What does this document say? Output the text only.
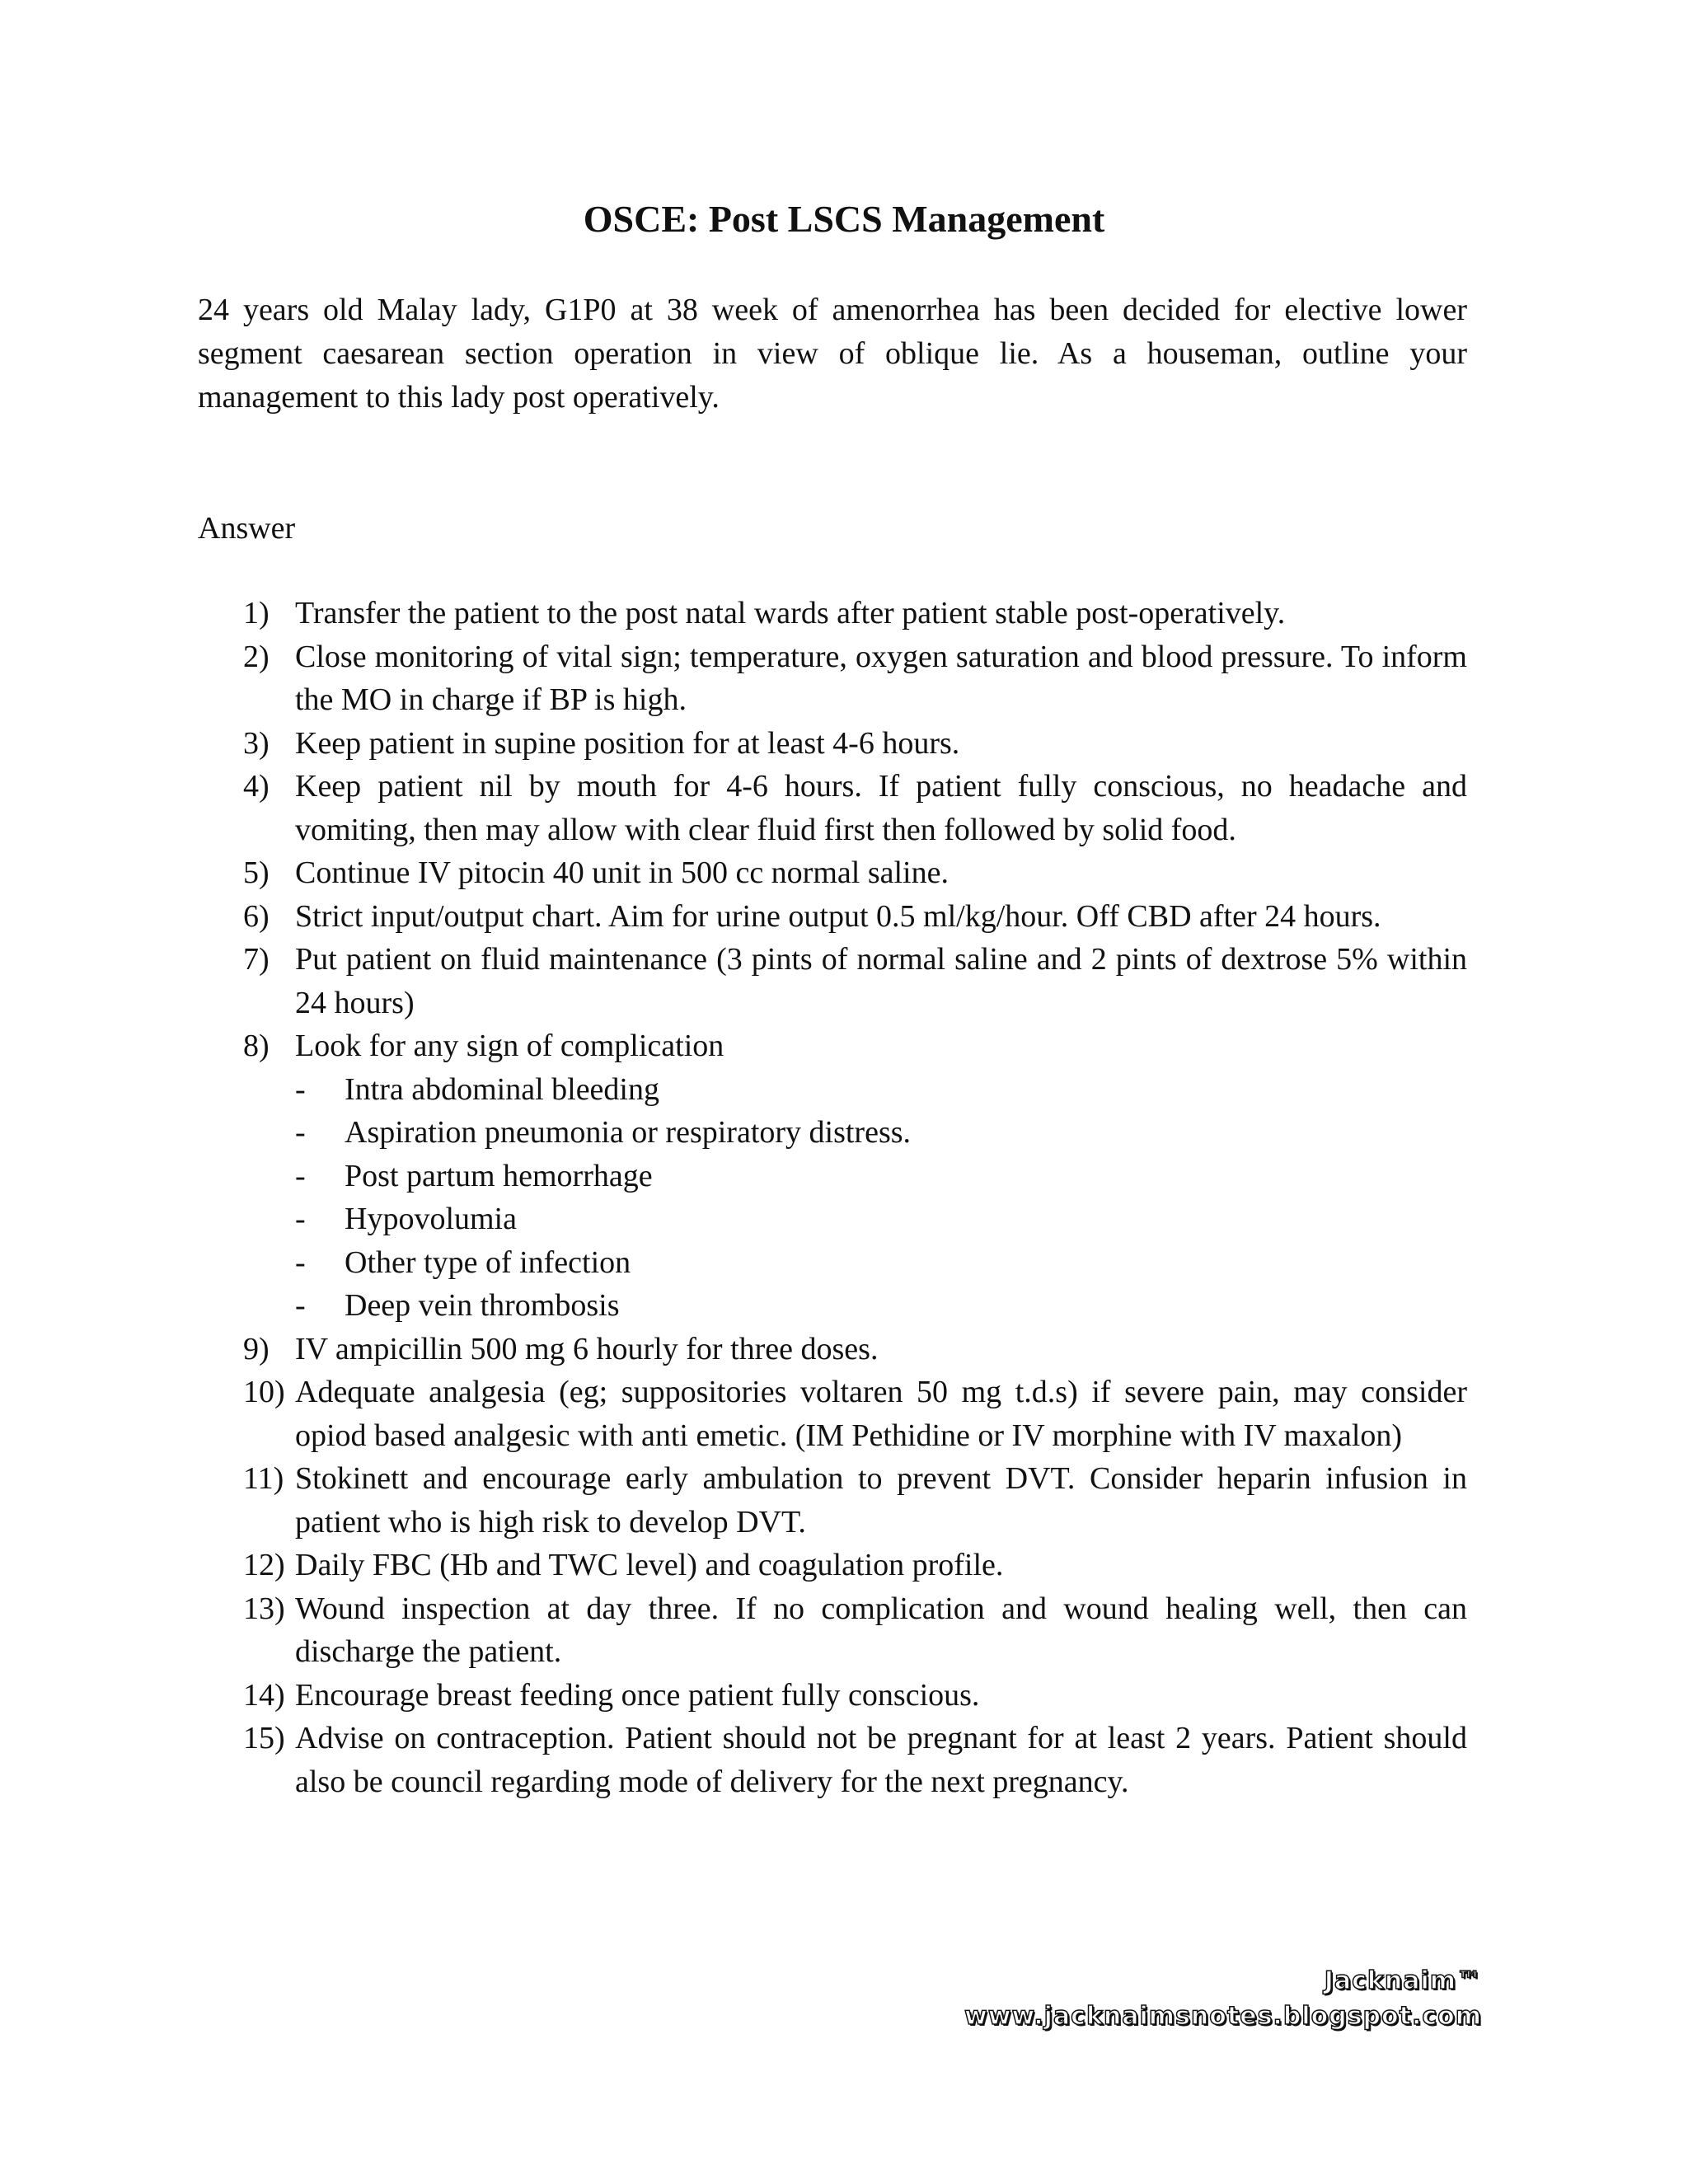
OSCE: Post LSCS Management
24 years old Malay lady, G1P0 at 38 week of amenorrhea has been decided for elective lower segment caesarean section operation in view of oblique lie. As a houseman, outline your management to this lady post operatively.
Answer
1) Transfer the patient to the post natal wards after patient stable post-operatively.
2) Close monitoring of vital sign; temperature, oxygen saturation and blood pressure. To inform the MO in charge if BP is high.
3) Keep patient in supine position for at least 4-6 hours.
4) Keep patient nil by mouth for 4-6 hours. If patient fully conscious, no headache and vomiting, then may allow with clear fluid first then followed by solid food.
5) Continue IV pitocin 40 unit in 500 cc normal saline.
6) Strict input/output chart. Aim for urine output 0.5 ml/kg/hour. Off CBD after 24 hours.
7) Put patient on fluid maintenance (3 pints of normal saline and 2 pints of dextrose 5% within 24 hours)
8) Look for any sign of complication
- Intra abdominal bleeding
- Aspiration pneumonia or respiratory distress.
- Post partum hemorrhage
- Hypovolumia
- Other type of infection
- Deep vein thrombosis
9) IV ampicillin 500 mg 6 hourly for three doses.
10) Adequate analgesia (eg; suppositories voltaren 50 mg t.d.s) if severe pain, may consider opiod based analgesic with anti emetic. (IM Pethidine or IV morphine with IV maxalon)
11) Stokinett and encourage early ambulation to prevent DVT. Consider heparin infusion in patient who is high risk to develop DVT.
12) Daily FBC (Hb and TWC level) and coagulation profile.
13) Wound inspection at day three. If no complication and wound healing well, then can discharge the patient.
14) Encourage breast feeding once patient fully conscious.
15) Advise on contraception. Patient should not be pregnant for at least 2 years. Patient should also be council regarding mode of delivery for the next pregnancy.
Jacknaim™
www.jacknaimsnotes.blogspot.com
